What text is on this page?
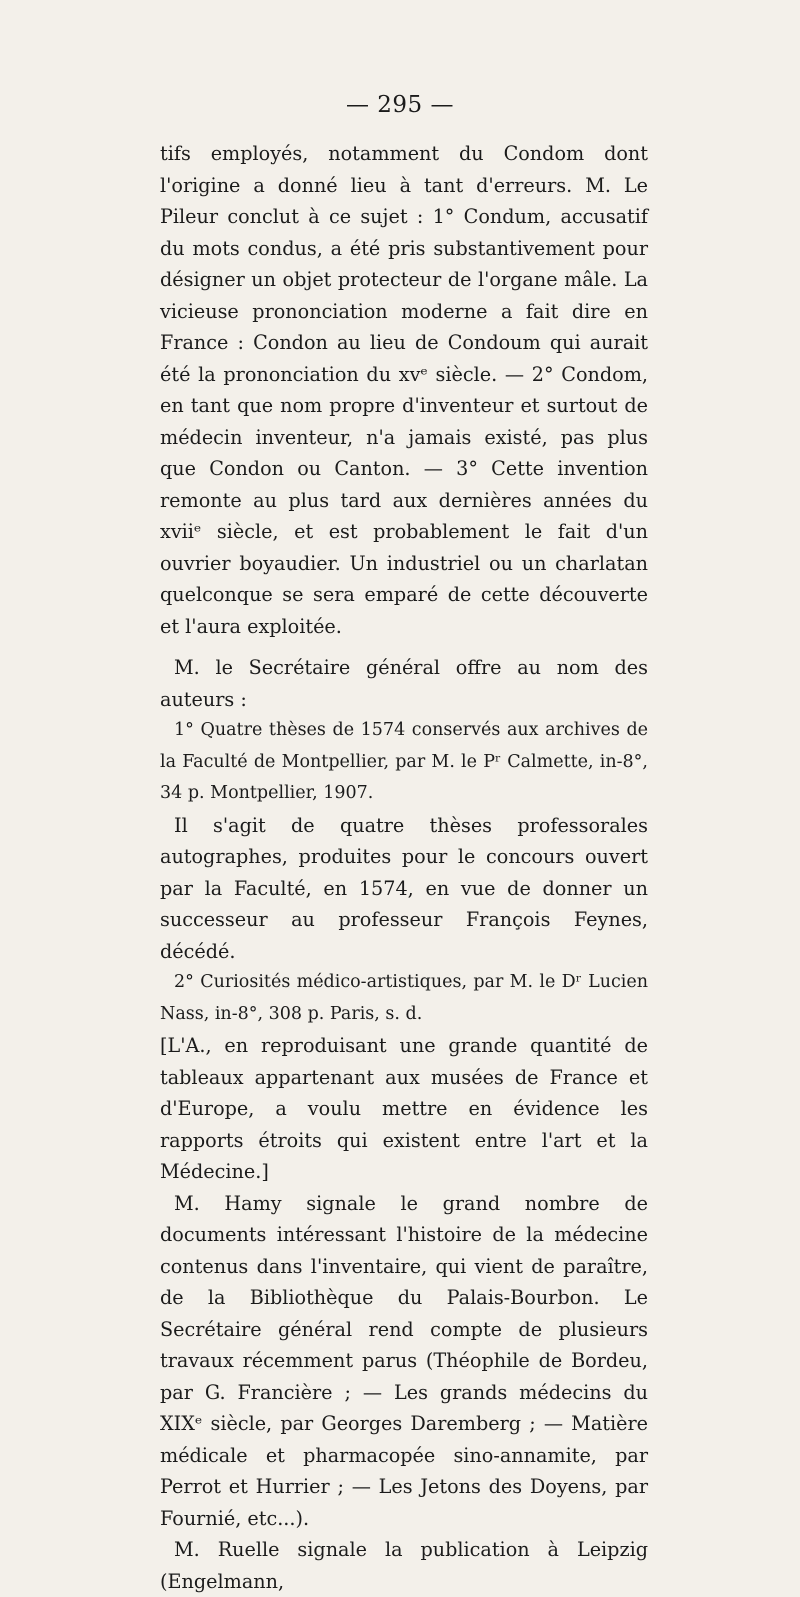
— 295 —

tifs employés, notamment du Condom dont l'origine a donné lieu à tant d'erreurs. M. Le Pileur conclut à ce sujet : 1° Condum, accusatif du mots condus, a été pris substantivement pour désigner un objet protecteur de l'organe mâle. La vicieuse prononciation moderne a fait dire en France : Condon au lieu de Condoum qui aurait été la prononciation du xvᵉ siècle. — 2° Condom, en tant que nom propre d'inventeur et surtout de médecin inventeur, n'a jamais existé, pas plus que Condon ou Canton. — 3° Cette invention remonte au plus tard aux dernières années du xviiᵉ siècle, et est probablement le fait d'un ouvrier boyaudier. Un industriel ou un charlatan quelconque se sera emparé de cette découverte et l'aura exploitée.

M. le Secrétaire général offre au nom des auteurs :

1° Quatre thèses de 1574 conservés aux archives de la Faculté de Montpellier, par M. le Pʳ Calmette, in-8°, 34 p. Montpellier, 1907.

Il s'agit de quatre thèses professorales autographes, produites pour le concours ouvert par la Faculté, en 1574, en vue de donner un successeur au professeur François Feynes, décédé.

2° Curiosités médico-artistiques, par M. le Dʳ Lucien Nass, in-8°, 308 p. Paris, s. d.

[L'A., en reproduisant une grande quantité de tableaux appartenant aux musées de France et d'Europe, a voulu mettre en évidence les rapports étroits qui existent entre l'art et la Médecine.]

M. Hamy signale le grand nombre de documents intéressant l'histoire de la médecine contenus dans l'inventaire, qui vient de paraître, de la Bibliothèque du Palais-Bourbon. Le Secrétaire général rend compte de plusieurs travaux récemment parus (Théophile de Bordeu, par G. Francière ; — Les grands médecins du XIXᵉ siècle, par Georges Daremberg ; — Matière médicale et pharmacopée sino-annamite, par Perrot et Hurrier ; — Les Jetons des Doyens, par Fournié, etc...).

M. Ruelle signale la publication à Leipzig (Engelmann,
